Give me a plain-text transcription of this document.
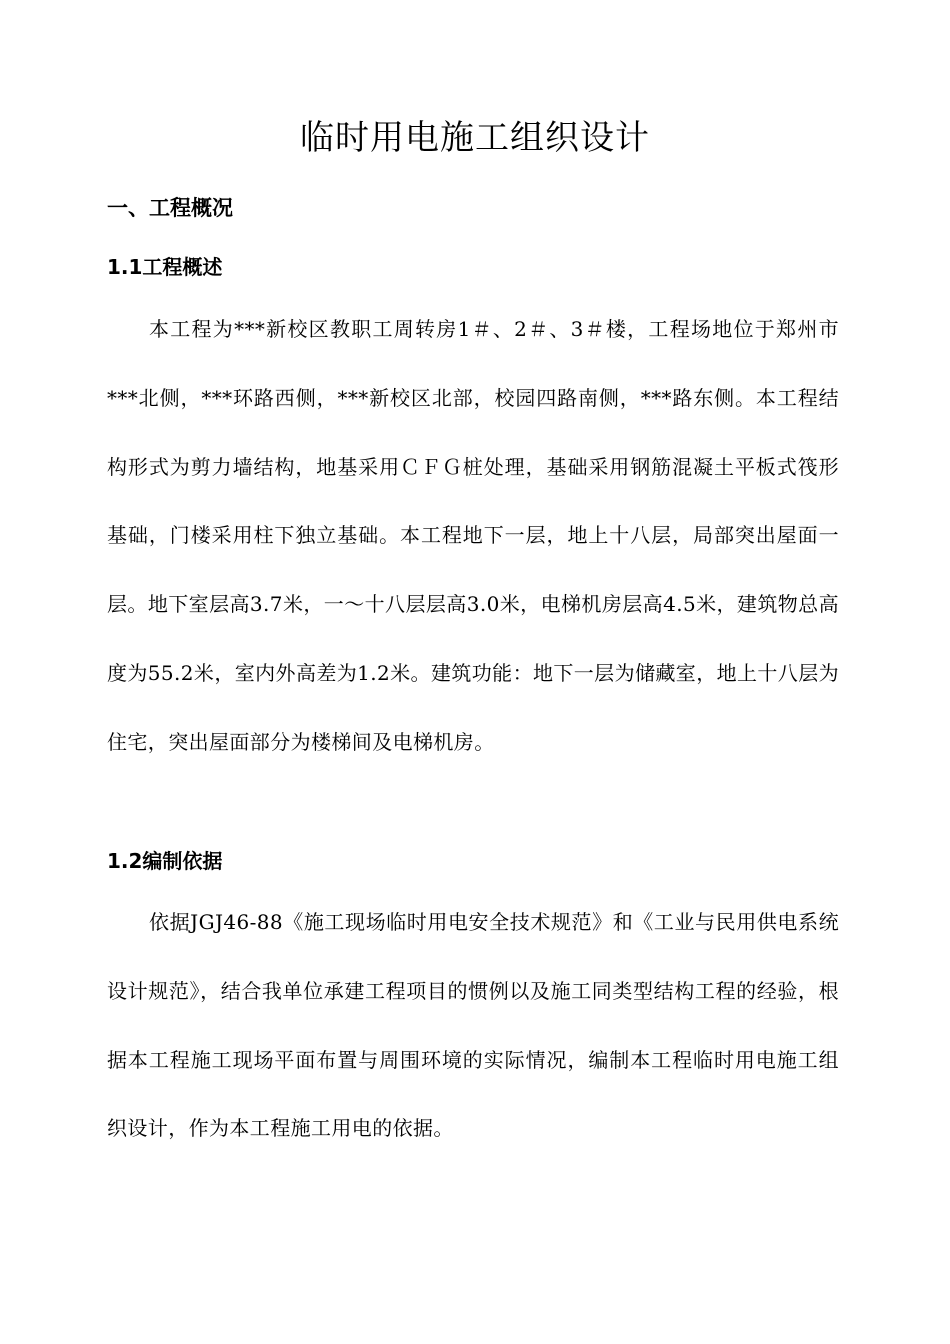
临时用电施工组织设计
一、工程概况
1.1工程概述

本工程为***新校区教职工周转房1＃、2＃、3＃楼，工程场地位于郑州市***北侧，***环路西侧，***新校区北部，校园四路南侧，***路东侧。本工程结构形式为剪力墙结构，地基采用ＣＦＧ桩处理，基础采用钢筋混凝土平板式筏形基础，门楼采用柱下独立基础。本工程地下一层，地上十八层，局部突出屋面一层。地下室层高3.7米，一～十八层层高3.0米，电梯机房层高4.5米，建筑物总高度为55.2米，室内外高差为1.2米。建筑功能：地下一层为储藏室，地上十八层为住宅，突出屋面部分为楼梯间及电梯机房。

1.2编制依据

依据JGJ46-88《施工现场临时用电安全技术规范》和《工业与民用供电系统设计规范》，结合我单位承建工程项目的惯例以及施工同类型结构工程的经验，根据本工程施工现场平面布置与周围环境的实际情况，编制本工程临时用电施工组织设计，作为本工程施工用电的依据。
